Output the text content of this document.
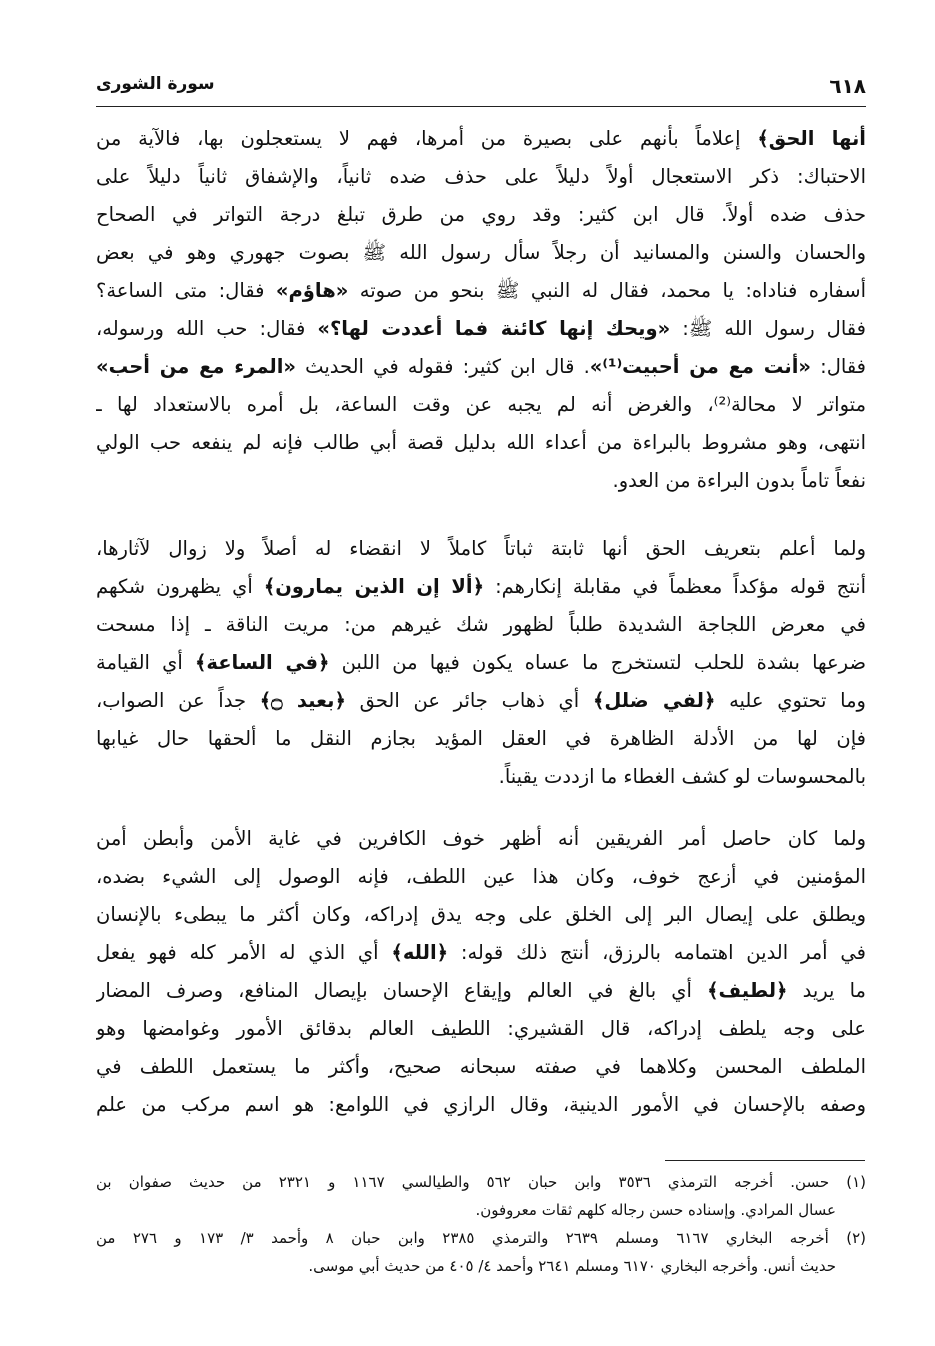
٦١٨
سورة الشورى
أنها الحق﴾ إعلاماً بأنهم على بصيرة من أمرها، فهم لا يستعجلون بها، فالآية من
الاحتباك: ذكر الاستعجال أولاً دليلاً على حذف ضده ثانياً، والإشفاق ثانياً دليلاً على
حذف ضده أولاً. قال ابن كثير: وقد روي من طرق تبلغ درجة التواتر في الصحاح
والحسان والسنن والمسانيد أن رجلاً سأل رسول الله ﷺ بصوت جهوري وهو في بعض
أسفاره فناداه: يا محمد، فقال له النبي ﷺ بنحو من صوته «هاؤم» فقال: متى الساعة؟
فقال رسول الله ﷺ: «ويحك إنها كائنة فما أعددت لها؟» فقال: حب الله ورسوله،
فقال: «أنت مع من أحبيت⁽¹⁾». قال ابن كثير: فقوله في الحديث «المرء مع من أحب»
متواتر لا محالة⁽²⁾، والغرض أنه لم يجبه عن وقت الساعة، بل أمره بالاستعداد لها ـ
انتهى، وهو مشروط بالبراءة من أعداء الله بدليل قصة أبي طالب فإنه لم ينفعه حب الولي
نفعاً تاماً بدون البراءة من العدو.
ولما أعلم بتعريف الحق أنها ثابتة ثباتاً كاملاً لا انقضاء له أصلاً ولا زوال لآثارها،
أنتج قوله مؤكداً معظماً في مقابلة إنكارهم: ﴿ألا إن الذين يمارون﴾ أي يظهرون شكهم
في معرض اللجاجة الشديدة طلباً لظهور شك غيرهم من: مريت الناقة ـ إذا مسحت
ضرعها بشدة للحلب لتستخرج ما عساه يكون فيها من اللبن ﴿في الساعة﴾ أي القيامة
وما تحتوي عليه ﴿لفي ضلل﴾ أي ذهاب جائر عن الحق ﴿بعيد ۝﴾ جداً عن الصواب،
فإن لها من الأدلة الظاهرة في العقل المؤيد بجازم النقل ما ألحقها حال غيابها
بالمحسوسات لو كشف الغطاء ما ازددت يقيناً.
ولما كان حاصل أمر الفريقين أنه أظهر خوف الكافرين في غاية الأمن وأبطن أمن
المؤمنين في أزعج خوف، وكان هذا عين اللطف، فإنه الوصول إلى الشيء بضده،
ويطلق على إيصال البر إلى الخلق على وجه يدق إدراكه، وكان أكثر ما يبطىء بالإنسان
في أمر الدين اهتمامه بالرزق، أنتج ذلك قوله: ﴿الله﴾ أي الذي له الأمر كله فهو يفعل
ما يريد ﴿لطيف﴾ أي بالغ في العالم وإيقاع الإحسان بإيصال المنافع، وصرف المضار
على وجه يلطف إدراكه، قال القشيري: اللطيف العالم بدقائق الأمور وغوامضها وهو
الملطف المحسن وكلاهما في صفته سبحانه صحيح، وأكثر ما يستعمل اللطف في
وصفه بالإحسان في الأمور الدينية، وقال الرازي في اللوامع: هو اسم مركب من علم
(١) حسن. أخرجه الترمذي ٣٥٣٦ وابن حبان ٥٦٢ والطيالسي ١١٦٧ و ٢٣٢١ من حديث صفوان بن
عسال المرادي. وإسناده حسن رجاله كلهم ثقات معروفون.
(٢) أخرجه البخاري ٦١٦٧ ومسلم ٢٦٣٩ والترمذي ٢٣٨٥ وابن حبان ٨ وأحمد ٣/ ١٧٣ و ٢٧٦ من
حديث أنس. وأخرجه البخاري ٦١٧٠ ومسلم ٢٦٤١ وأحمد ٤/ ٤٠٥ من حديث أبي موسى.
